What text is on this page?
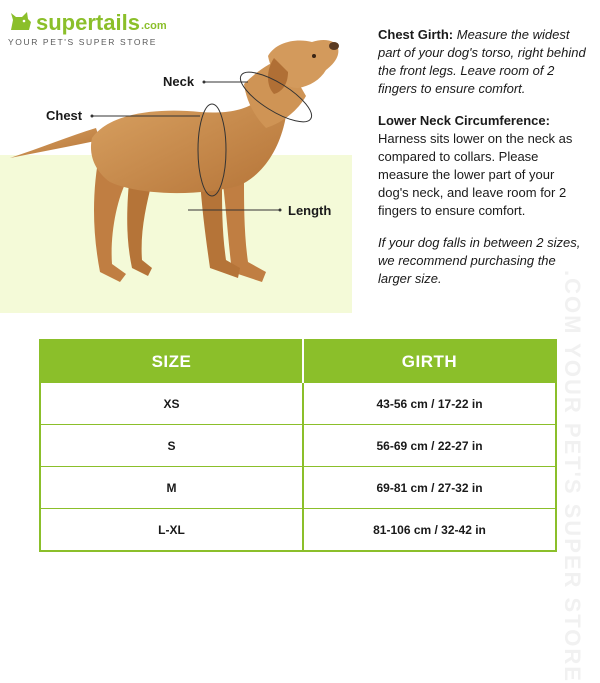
.COM YOUR PET'S SUPER STORE
supertails .com
YOUR PET'S SUPER STORE
Neck
Chest
Length

Chest Girth: Measure the widest part of your dog's torso, right behind the front legs. Leave room of 2 fingers to ensure comfort.

Lower Neck Circumference:
Harness sits lower on the neck as compared to collars. Please measure the lower part of your dog's neck, and leave room for 2 fingers to ensure comfort.

If your dog falls in between 2 sizes, we recommend purchasing the larger size.

SIZE	GIRTH
XS	43-56 cm / 17-22 in
S	56-69 cm / 22-27 in
M	69-81 cm / 27-32 in
L-XL	81-106 cm / 32-42 in
